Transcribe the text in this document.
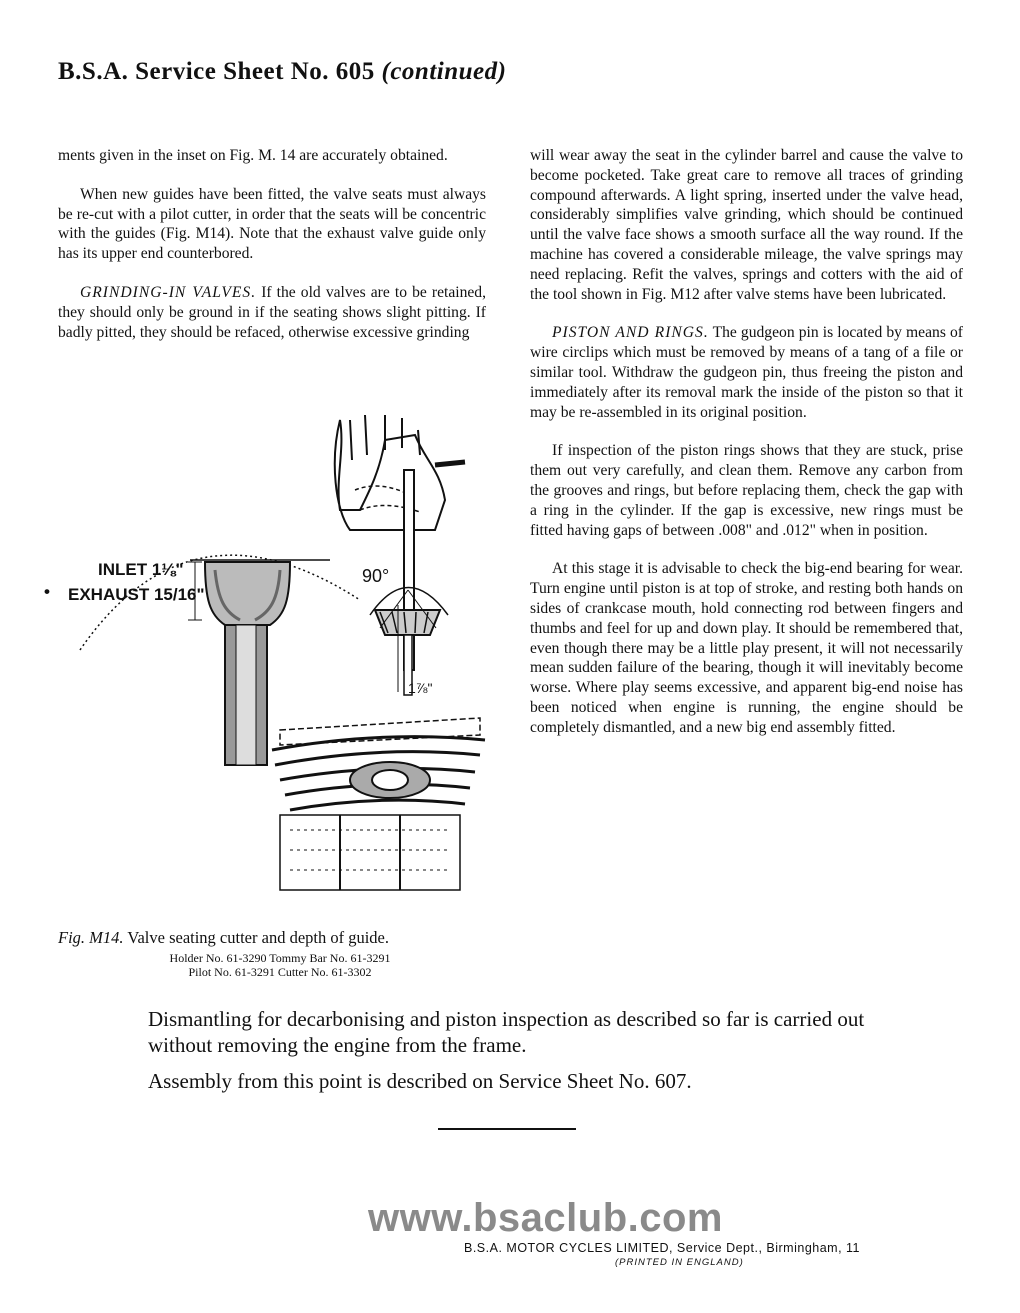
B.S.A. Service Sheet No. 605 (continued)

ments given in the inset on Fig. M. 14 are accurately obtained.

When new guides have been fitted, the valve seats must always be re-cut with a pilot cutter, in order that the seats will be concentric with the guides (Fig. M14). Note that the exhaust valve guide only has its upper end counterbored.

GRINDING-IN VALVES. If the old valves are to be retained, they should only be ground in if the seating shows slight pitting. If badly pitted, they should be refaced, otherwise excessive grinding

will wear away the seat in the cylinder barrel and cause the valve to become pocketed. Take great care to remove all traces of grinding compound afterwards. A light spring, inserted under the valve head, considerably simplifies valve grinding, which should be continued until the valve face shows a smooth surface all the way round. If the machine has covered a considerable mileage, the valve springs may need replacing. Refit the valves, springs and cotters with the aid of the tool shown in Fig. M12 after valve stems have been lubricated.

PISTON AND RINGS. The gudgeon pin is located by means of wire circlips which must be removed by means of a tang of a file or similar tool. Withdraw the gudgeon pin, thus freeing the piston and immediately after its removal mark the inside of the piston so that it may be re-assembled in its original position.

If inspection of the piston rings shows that they are stuck, prise them out very carefully, and clean them. Remove any carbon from the grooves and rings, but before replacing them, check the gap with a ring in the cylinder. If the gap is excessive, new rings must be fitted having gaps of between .008" and .012" when in position.

At this stage it is advisable to check the big-end bearing for wear. Turn engine until piston is at top of stroke, and resting both hands on sides of crankcase mouth, hold connecting rod between fingers and thumbs and feel for up and down play. It should be remembered that, even though there may be a little play present, it will not necessarily mean sudden failure of the bearing, though it will inevitably become worse. Where play seems excessive, and apparent big-end noise has been noticed when engine is running, the engine should be completely dismantled, and a new big end assembly fitted.

INLET 1⅛"
EXHAUST 15/16"
•
90°
1⅞"
Fig. M14. Valve seating cutter and depth of guide.
Holder No. 61-3290 Tommy Bar No. 61-3291
Pilot No. 61-3291 Cutter No. 61-3302

Dismantling for decarbonising and piston inspection as described so far is carried out without removing the engine from the frame.

Assembly from this point is described on Service Sheet No. 607.

www.bsaclub.com
B.S.A. MOTOR CYCLES LIMITED, Service Dept., Birmingham, 11
(PRINTED IN ENGLAND)
